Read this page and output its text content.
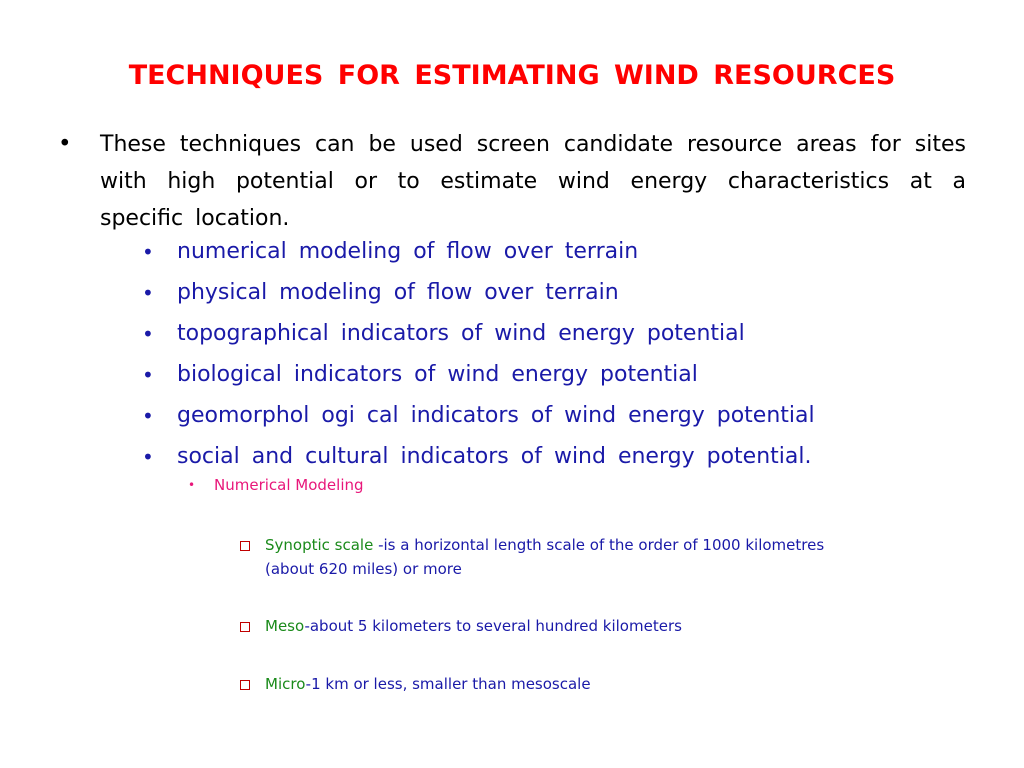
TECHNIQUES FOR ESTIMATING WIND RESOURCES
•	These techniques can be used screen candidate resource areas for sites with high potential or to estimate wind energy characteristics at a specific location.
•	numerical modeling of flow over terrain
•	physical modeling of flow over terrain
•	topographical indicators of wind energy potential
•	biological indicators of wind energy potential
•	geomorphol ogi cal indicators of wind energy potential
•	social and cultural indicators of wind energy potential.
•	Numerical Modeling
Synoptic scale -is a horizontal length scale of the order of 1000 kilometres (about 620 miles) or more
Meso-about 5 kilometers to several hundred kilometers
Micro-1 km or less, smaller than mesoscale
